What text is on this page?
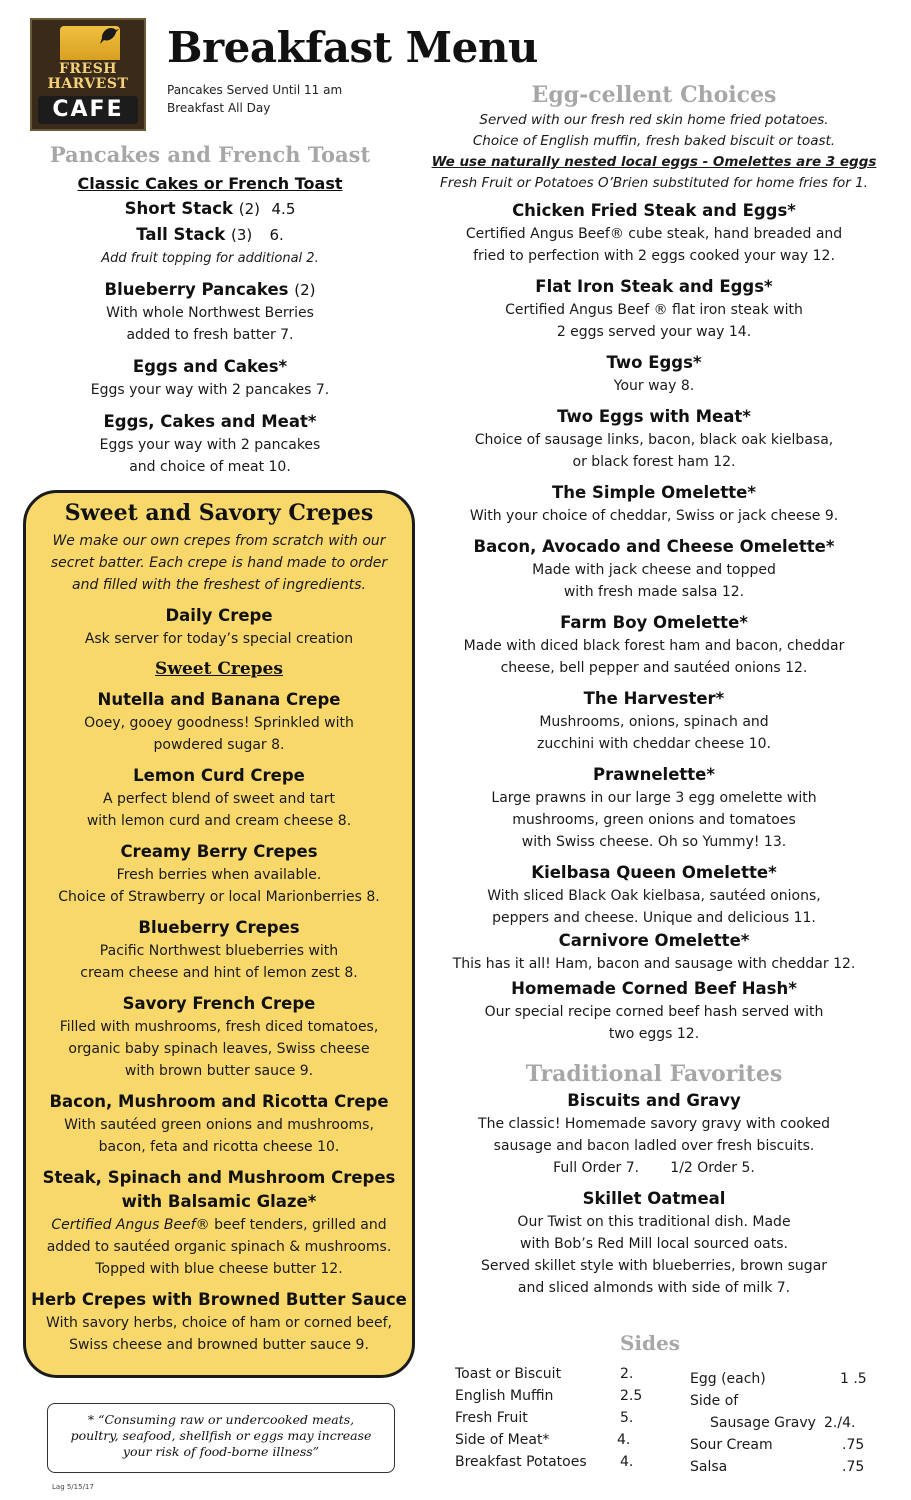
FRESH
HARVEST
CAFE
Breakfast Menu
Pancakes Served Until 11 am
Breakfast All Day
Pancakes and French Toast
Classic Cakes or French Toast
Short Stack (2) 4.5
Tall Stack (3) 6.
Add fruit topping for additional 2.
Blueberry Pancakes (2)
With whole Northwest Berries
added to fresh batter 7.
Eggs and Cakes*
Eggs your way with 2 pancakes 7.
Eggs, Cakes and Meat*
Eggs your way with 2 pancakes
and choice of meat 10.
Sweet and Savory Crepes
We make our own crepes from scratch with our
secret batter. Each crepe is hand made to order
and filled with the freshest of ingredients.
Daily Crepe
Ask server for today’s special creation
Sweet Crepes
Nutella and Banana Crepe
Ooey, gooey goodness! Sprinkled with
powdered sugar 8.
Lemon Curd Crepe
A perfect blend of sweet and tart
with lemon curd and cream cheese 8.
Creamy Berry Crepes
Fresh berries when available.
Choice of Strawberry or local Marionberries 8.
Blueberry Crepes
Pacific Northwest blueberries with
cream cheese and hint of lemon zest 8.
Savory French Crepe
Filled with mushrooms, fresh diced tomatoes,
organic baby spinach leaves, Swiss cheese
with brown butter sauce 9.
Bacon, Mushroom and Ricotta Crepe
With sautéed green onions and mushrooms,
bacon, feta and ricotta cheese 10.
Steak, Spinach and Mushroom Crepes
with Balsamic Glaze*
Certified Angus Beef® beef tenders, grilled and
added to sautéed organic spinach & mushrooms.
Topped with blue cheese butter 12.
Herb Crepes with Browned Butter Sauce
With savory herbs, choice of ham or corned beef,
Swiss cheese and browned butter sauce 9.
* “Consuming raw or undercooked meats,
poultry, seafood, shellfish or eggs may increase
your risk of food-borne illness”
Lag 5/15/17
Egg-cellent Choices
Served with our fresh red skin home fried potatoes.
Choice of English muffin, fresh baked biscuit or toast.
We use naturally nested local eggs - Omelettes are 3 eggs
Fresh Fruit or Potatoes O’Brien substituted for home fries for 1.
Chicken Fried Steak and Eggs*
Certified Angus Beef® cube steak, hand breaded and
fried to perfection with 2 eggs cooked your way 12.
Flat Iron Steak and Eggs*
Certified Angus Beef ® flat iron steak with
2 eggs served your way 14.
Two Eggs*
Your way 8.
Two Eggs with Meat*
Choice of sausage links, bacon, black oak kielbasa,
or black forest ham 12.
The Simple Omelette*
With your choice of cheddar, Swiss or jack cheese 9.
Bacon, Avocado and Cheese Omelette*
Made with jack cheese and topped
with fresh made salsa 12.
Farm Boy Omelette*
Made with diced black forest ham and bacon, cheddar
cheese, bell pepper and sautéed onions 12.
The Harvester*
Mushrooms, onions, spinach and
zucchini with cheddar cheese 10.
Prawnelette*
Large prawns in our large 3 egg omelette with
mushrooms, green onions and tomatoes
with Swiss cheese. Oh so Yummy! 13.
Kielbasa Queen Omelette*
With sliced Black Oak kielbasa, sautéed onions,
peppers and cheese. Unique and delicious 11.
Carnivore Omelette*
This has it all! Ham, bacon and sausage with cheddar 12.
Homemade Corned Beef Hash*
Our special recipe corned beef hash served with
two eggs 12.
Traditional Favorites
Biscuits and Gravy
The classic! Homemade savory gravy with cooked
sausage and bacon ladled over fresh biscuits.
Full Order 7. 1/2 Order 5.
Skillet Oatmeal
Our Twist on this traditional dish. Made
with Bob’s Red Mill local sourced oats.
Served skillet style with blueberries, brown sugar
and sliced almonds with side of milk 7.
Sides
Toast or Biscuit	2.
English Muffin	2.5
Fresh Fruit	5.
Side of Meat*	4.
Breakfast Potatoes 4.
Egg (each)	1 .5
Side of
Sausage Gravy 2./4.
Sour Cream	.75
Salsa	.75
